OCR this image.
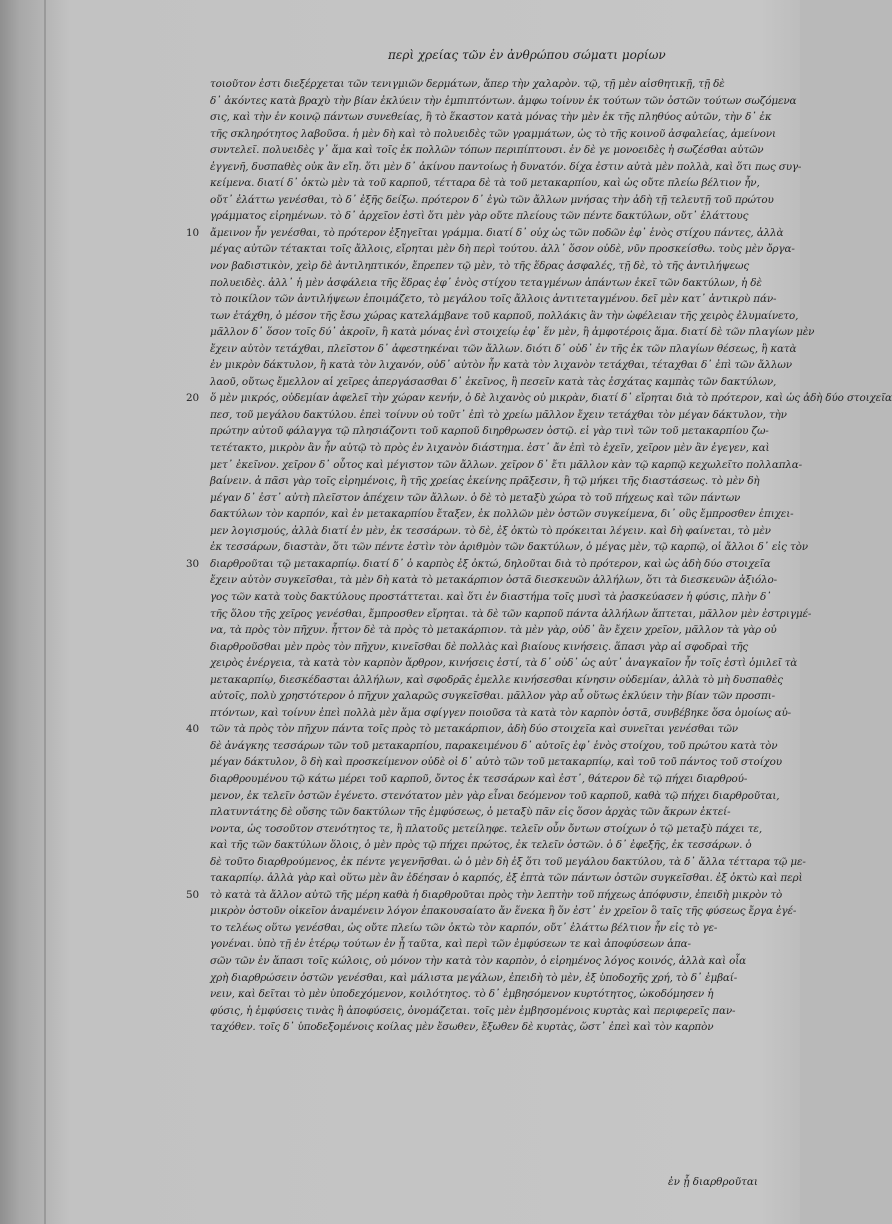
περὶ χρείας τῶν ἐν ἀνθρώπου σώματι μορίων
τοιοῦτον ἐστι διεξέρχεται τῶν τενιγμιῶν δερμάτων, ἄπερ τὴν χαλαρὸν. τῷ, τῇ μὲν αἰσθητικῇ, τῇ δὲ
δ᾽ ἀκόντες κατὰ βραχὺ τὴν βίαν ἐκλύειν τὴν ἐμπιπτόντων. ἀμφω τοίνυν ἐκ τούτων τῶν ὀστῶν τούτων σωζόμενα
σις, καὶ τὴν ἐν κοινῷ πάντων συνεθείας, ἢ τὸ ἕκαστον κατὰ μόνας τὴν μὲν ἐκ τῆς πληθύος αὐτῶν, τὴν δ᾽ ἐκ
τῆς σκληρότητος λαβοῦσα. ἡ μὲν δὴ καὶ τὸ πολυειδὲς τῶν γραμμάτων, ὡς τὸ τῆς κοινοῦ ἀσφαλείας, ἀμείνονι
συντελεῖ. πολυειδὲς γ᾽ ἅμα καὶ τοῖς ἐκ πολλῶν τόπων περιπίπτουσι. ἐν δὲ γε μονοειδὲς ἡ σωζέσθαι αὐτῶν
ἐγγενῆ, δυσπαθὲς οὐκ ἂν εἴη. ὅτι μὲν δ᾽ ἀκίνου παντοίως ἡ δυνατόν. δίχα ἐστιν αὐτὰ μὲν πολλὰ, καὶ ὅτι πως συγ-
κείμενα. διατί δ᾽ ὀκτὼ μὲν τὰ τοῦ καρποῦ, τέτταρα δὲ τὰ τοῦ μετακαρπίου, καὶ ὡς οὔτε πλείω βέλτιον ἦν,
οὔτ᾽ ἐλάττω γενέσθαι, τὸ δ᾽ ἐξῆς δείξω. πρότερον δ᾽ ἐγὼ τῶν ἄλλων μνήσας τὴν ἀδὴ τῇ τελευτῇ τοῦ πρώτου
γράμματος εἰρημένων. τὸ δ᾽ ἀρχεῖον ἐστὶ ὅτι μὲν γὰρ οὔτε πλείους τῶν πέντε δακτύλων, οὔτ᾽ ἐλάττους
10 ἄμεινον ἦν γενέσθαι, τὸ πρότερον ἐξηγεῖται γράμμα. διατί δ᾽ οὐχ ὡς τῶν ποδῶν ἐφ᾽ ἑνὸς στίχου πάντες, ἀλλὰ
μέγας αὐτῶν τέτακται τοῖς ἄλλοις, εἴρηται μὲν δὴ περὶ τούτου. ἀλλ᾽ ὅσον οὐδὲ, νῦν προσκείσθω. τοὺς μὲν ὄργα-
νον βαδιστικὸν, χεὶρ δὲ ἀντιληπτικόν, ἔπρεπεν τῷ μὲν, τὸ τῆς ἕδρας ἀσφαλές, τῇ δὲ, τὸ τῆς ἀντιλήψεως
πολυειδὲς. ἀλλ᾽ ἡ μὲν ἀσφάλεια τῆς ἕδρας ἐφ᾽ ἑνὸς στίχου τεταγμένων ἁπάντων ἐκεῖ τῶν δακτύλων, ἡ δὲ
τὸ ποικίλον τῶν ἀντιλήψεων ἐποιμάζετο, τὸ μεγάλου τοῖς ἄλλοις ἀντιτεταγμένου. δεῖ μὲν κατ᾽ ἀντικρὺ πάν-
των ἐτάχθη, ὁ μέσον τῆς ἔσω χώρας κατελάμβανε τοῦ καρποῦ, πολλάκις ἂν τὴν ὠφέλειαν τῆς χειρὸς ἐλυμαίνετο,
μᾶλλον δ᾽ ὅσον τοῖς δύ᾽ ἀκροῖν, ἢ κατὰ μόνας ἑνὶ στοιχείῳ ἐφ᾽ ἕν μὲν, ἢ ἀμφοτέροις ἅμα. διατί δὲ τῶν πλαγίων μὲν
ἔχειν αὐτὸν τετάχθαι, πλεῖστον δ᾽ ἀφεστηκέναι τῶν ἄλλων. διότι δ᾽ οὐδ᾽ ἐν τῆς ἐκ τῶν πλαγίων θέσεως, ἢ κατὰ
ἐν μικρὸν δάκτυλον, ἢ κατὰ τὸν λιχανόν, οὐδ᾽ αὐτὸν ἦν κατὰ τὸν λιχανὸν τετάχθαι, τέταχθαι δ᾽ ἐπὶ τῶν ἄλλων
λαοῦ, οὔτως ἔμελλον αἱ χεῖρες ἀπεργάσασθαι δ᾽ ἐκεῖνος, ἢ πεσεῖν κατὰ τὰς ἐσχάτας καμπὰς τῶν δακτύλων,
20 ὅ μὲν μικρός, οὐδεμίαν ἀφελεῖ τὴν χώραν κενήν, ὁ δὲ λιχανὸς οὐ μικρὰν, διατί δ᾽ εἴρηται διὰ τὸ πρότερον, καὶ ὡς ἀδὴ δύο στοιχεῖα
πεσ, τοῦ μεγάλου δακτύλου. ἐπεὶ τοίνυν οὐ τοῦτ᾽ ἐπὶ τὸ χρείω μᾶλλον ἔχειν τετάχθαι τὸν μέγαν δάκτυλον, τὴν
πρώτην αὐτοῦ φάλαγγα τῷ πλησιάζοντι τοῦ καρποῦ διηρθρωσεν ὀστῷ. εἰ γὰρ τινὶ τῶν τοῦ μετακαρπίου ζω-
τετέτακτο, μικρὸν ἂν ἦν αὐτῷ τὸ πρὸς ἐν λιχανὸν διάστημα. ἐστ᾽ ἄν ἐπὶ τὸ ἐχεῖν, χεῖρον μὲν ἂν ἐγεγεν, καὶ
μετ᾽ ἐκεῖνον. χεῖρον δ᾽ οὗτος καὶ μέγιστον τῶν ἄλλων. χεῖρον δ᾽ ἔτι μᾶλλον κὰν τῷ καρπῷ κεχωλεῖτο πολλαπλα-
βαίνειν. ἀ πᾶσι γὰρ τοῖς εἰρημένοις, ἢ τῆς χρείας ἐκείνης πρᾶξεσιν, ἢ τῷ μήκει τῆς διαστάσεως. τὸ μὲν δὴ
μέγαν δ᾽ ἐστ᾽ αὐτὴ πλεῖστον ἀπέχειν τῶν ἄλλων. ὁ δὲ τὸ μεταξὺ χώρα τὸ τοῦ πήχεως καὶ τῶν πάντων
δακτύλων τὸν καρπόν, καὶ ἐν μετακαρπίου ἔταξεν, ἐκ πολλῶν μὲν ὀστῶν συγκείμενα, δι᾽ οὓς ἔμπροσθεν ἐπιχει-
μεν λογισμούς, ἀλλὰ διατί ἐν μὲν, ἐκ τεσσάρων. τὸ δὲ, ἐξ ὀκτὼ τὸ πρόκειται λέγειν. καὶ δὴ φαίνεται, τὸ μὲν
ἐκ τεσσάρων, διαστὰν, ὅτι τῶν πέντε ἐστὶν τὸν ἀριθμὸν τῶν δακτύλων, ὁ μέγας μὲν, τῷ καρπῷ, οἱ ἄλλοι δ᾽ εἰς τὸν
30 διαρθροῦται τῷ μετακαρπίῳ. διατί δ᾽ ὁ καρπὸς ἐξ ὀκτώ, δηλοῦται διὰ τὸ πρότερον, καὶ ὡς ἀδὴ δύο στοιχεῖα
ἔχειν αὐτὸν συγκεῖσθαι, τὰ μὲν δὴ κατὰ τὸ μετακάρπιον ὀστᾶ διεσκευῶν ἀλλήλων, ὅτι τὰ διεσκευῶν ἀξιόλο-
γος τῶν κατὰ τοὺς δακτύλους προστάττεται. καὶ ὅτι ἐν διαστήμα τοῖς μυσὶ τὰ ῥασκεύασεν ἡ φύσις, πλὴν δ᾽
τῆς ὅλου τῆς χεῖρος γενέσθαι, ἔμπροσθεν εἴρηται. τὰ δὲ τῶν καρποῦ πάντα ἀλλήλων ἅπτεται, μᾶλλον μὲν ἐστριγμέ-
να, τὰ πρὸς τὸν πῆχυν. ἧττον δὲ τὰ πρὸς τὸ μετακάρπιον. τὰ μὲν γὰρ, οὐδ᾽ ἂν ἔχειν χρεῖον, μᾶλλον τὰ γὰρ οὐ
διαρθροῦσθαι μὲν πρὸς τὸν πῆχυν, κινεῖσθαι δὲ πολλὰς καὶ βιαίους κινήσεις. ἅπασι γὰρ αἱ σφοδραὶ τῆς
χειρὸς ἐνέργεια, τὰ κατὰ τὸν καρπὸν ἄρθρον, κινήσεις ἐστί, τὰ δ᾽ οὐδ᾽ ὡς αὐτ᾽ ἀναγκαῖον ἦν τοῖς ἐστὶ ὁμιλεῖ τὰ
μετακαρπίῳ, διεσκέδασται ἀλλήλων, καὶ σφοδρᾶς ἐμελλε κινήσεσθαι κίνησιν οὐδεμίαν, ἀλλὰ τὸ μὴ δυσπαθὲς
αὐτοῖς, πολὺ χρηστότερον ὁ πῆχυν χαλαρῶς συγκεῖσθαι. μᾶλλον γὰρ αὖ οὕτως ἐκλύειν τὴν βίαν τῶν προσπι-
πτόντων, καὶ τοίνυν ἐπεὶ πολλὰ μὲν ἅμα σφίγγεν ποιοῦσα τὰ κατὰ τὸν καρπὸν ὀστᾶ, συνβέβηκε ὅσα ὁμοίως αὐ-
40 τῶν τὰ πρὸς τὸν πῆχυν πάντα τοῖς πρὸς τὸ μετακάρπιον, ἀδὴ δύο στοιχεῖα καὶ συνεῖται γενέσθαι τῶν
δὲ ἀνάγκης τεσσάρων τῶν τοῦ μετακαρπίου, παρακειμένου δ᾽ αὐτοῖς ἐφ᾽ ἑνὸς στοίχου, τοῦ πρώτου κατὰ τὸν
μέγαν δάκτυλον, ὃ δὴ καὶ προσκείμενον οὐδὲ οἱ δ᾽ αὐτὸ τῶν τοῦ μετακαρπίῳ, καὶ τοῦ τοῦ πάντος τοῦ στοίχου
διαρθρουμένου τῷ κάτω μέρει τοῦ καρποῦ, ὄντος ἐκ τεσσάρων καὶ ἐστ᾽, θάτερον δὲ τῷ πήχει διαρθρού-
μενον, ἐκ τελεῖν ὀστῶν ἐγένετο. στενότατον μὲν γὰρ εἶναι δεόμενον τοῦ καρποῦ, καθὰ τῷ πήχει διαρθροῦται,
πλατυντάτης δὲ οὔσης τῶν δακτύλων τῆς ἐμφύσεως, ὁ μεταξὺ πᾶν εἰς ὅσον ἀρχὰς τῶν ἄκρων ἐκτεί-
νοντα, ὡς τοσοῦτον στενότητος τε, ἢ πλατοῦς μετείληφε. τελεῖν οὖν ὄντων στοίχων ὁ τῷ μεταξὺ πάχει τε,
καὶ τῆς τῶν δακτύλων ὅλοις, ὁ μὲν πρὸς τῷ πήχει πρώτος, ἐκ τελεῖν ὀστῶν. ὁ δ᾽ ἐφεξῆς, ἐκ τεσσάρων. ὁ
δὲ τοῦτο διαρθρούμενος, ἐκ πέντε γεγενῆσθαι. ὡ ὁ μὲν δὴ ἐξ ὅτι τοῦ μεγάλου δακτύλου, τὰ δ᾽ ἄλλα τέτταρα τῷ με-
τακαρπίῳ. ἀλλὰ γὰρ καὶ οὕτω μὲν ἂν ἐδέησαν ὁ καρπός, ἐξ ἐπτὰ τῶν πάντων ὀστῶν συγκεῖσθαι. ἐξ ὀκτὼ καὶ περὶ
50 τὸ κατὰ τὰ ἄλλον αὐτῶ τῆς μέρη καθὰ ἡ διαρθροῦται πρὸς τὴν λεπτὴν τοῦ πήχεως ἀπόφυσιν, ἐπειδὴ μικρὸν τὸ
μικρὸν ὀστοῦν οἰκεῖον ἀναμένειν λόγον ἐπακουσαίατο ἄν ἕνεκα ἢ ὅν ἐστ᾽ ἐν χρεῖον ὃ ταῖς τῆς φύσεως ἔργα ἐγέ-
το τελέως οὕτω γενέσθαι, ὡς οὔτε πλείω τῶν ὀκτὼ τὸν καρπόν, οὔτ᾽ ἐλάττω βέλτιον ἦν εἰς τὸ γε-
γονέναι. ὑπὸ τῇ ἐν ἑτέρῳ τούτων ἐν ᾗ ταῦτα, καὶ περὶ τῶν ἐμφύσεων τε καὶ ἀποφύσεων ἁπα-
σῶν τῶν ἐν ἅπασι τοῖς κώλοις, οὐ μόνον τὴν κατὰ τὸν καρπὸν, ὁ εἰρημένος λόγος κοινός, ἀλλὰ καὶ οἷα
χρὴ διαρθρώσειν ὀστῶν γενέσθαι, καὶ μάλιστα μεγάλων, ἐπειδὴ τὸ μὲν, ἐξ ὑποδοχῆς χρή, τὸ δ᾽ ἐμβαί-
νειν, καὶ δεῖται τὸ μὲν ὑποδεχόμενον, κοιλότητος. τὸ δ᾽ ἐμβησόμενον κυρτότητος, ὠκοδόμησεν ἡ
φύσις, ἡ ἐμφύσεις τινὰς ἢ ἀποφύσεις, ὀνομάζεται. τοῖς μὲν ἐμβησομένοις κυρτὰς καὶ περιφερεῖς παν-
ταχόθεν. τοῖς δ᾽ ὑποδεξομένοις κοίλας μὲν ἔσωθεν, ἔξωθεν δὲ κυρτὰς, ὥστ᾽ ἐπεὶ καὶ τὸν καρπὸν
ἐν ᾗ διαρθροῦται
